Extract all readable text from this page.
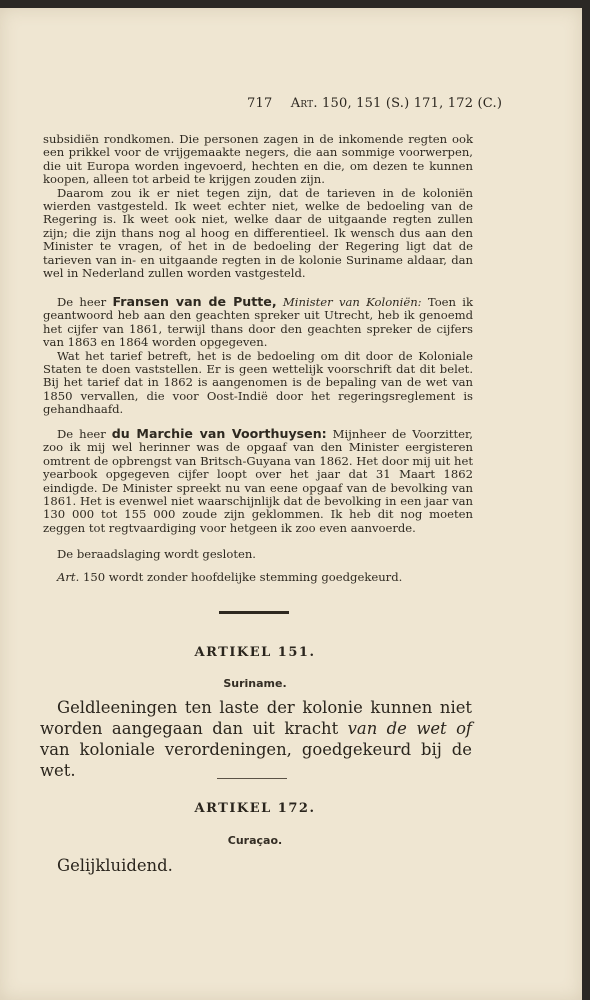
717 Art. 150, 151 (S.) 171, 172 (C.)

subsidiën rondkomen. Die personen zagen in de inkomende regten ook een prikkel voor de vrijgemaakte negers, die aan sommige voorwerpen, die uit Europa worden ingevoerd, hechten en die, om dezen te kunnen koopen, alleen tot arbeid te krijgen zouden zijn.

Daarom zou ik er niet tegen zijn, dat de tarieven in de koloniën wierden vastgesteld. Ik weet echter niet, welke de bedoeling van de Regering is. Ik weet ook niet, welke daar de uitgaande regten zullen zijn; die zijn thans nog al hoog en differentieel. Ik wensch dus aan den Minister te vragen, of het in de bedoeling der Regering ligt dat de tarieven van in- en uitgaande regten in de kolonie Suriname aldaar, dan wel in Nederland zullen worden vastgesteld.

De heer Fransen van de Putte, Minister van Koloniën: Toen ik geantwoord heb aan den geachten spreker uit Utrecht, heb ik genoemd het cijfer van 1861, terwijl thans door den geachten spreker de cijfers van 1863 en 1864 worden opgegeven.

Wat het tarief betreft, het is de bedoeling om dit door de Koloniale Staten te doen vaststellen. Er is geen wettelijk voorschrift dat dit belet. Bij het tarief dat in 1862 is aangenomen is de bepaling van de wet van 1850 vervallen, die voor Oost-Indië door het regeringsreglement is gehandhaafd.

De heer du Marchie van Voorthuysen: Mijnheer de Voorzitter, zoo ik mij wel herinner was de opgaaf van den Minister eergisteren omtrent de opbrengst van Britsch-Guyana van 1862. Het door mij uit het yearbook opgegeven cijfer loopt over het jaar dat 31 Maart 1862 eindigde. De Minister spreekt nu van eene opgaaf van de bevolking van 1861. Het is evenwel niet waarschijnlijk dat de bevolking in een jaar van 130 000 tot 155 000 zoude zijn geklommen. Ik heb dit nog moeten zeggen tot regtvaardiging voor hetgeen ik zoo even aanvoerde.

De beraadslaging wordt gesloten.

Art. 150 wordt zonder hoofdelijke stemming goedgekeurd.

ARTIKEL 151.
Suriname.
Geldleeningen ten laste der kolonie kunnen niet worden aangegaan dan uit kracht van de wet of van koloniale verordeningen, goedgekeurd bij de wet.
ARTIKEL 172.
Curaçao.
Gelijkluidend.
